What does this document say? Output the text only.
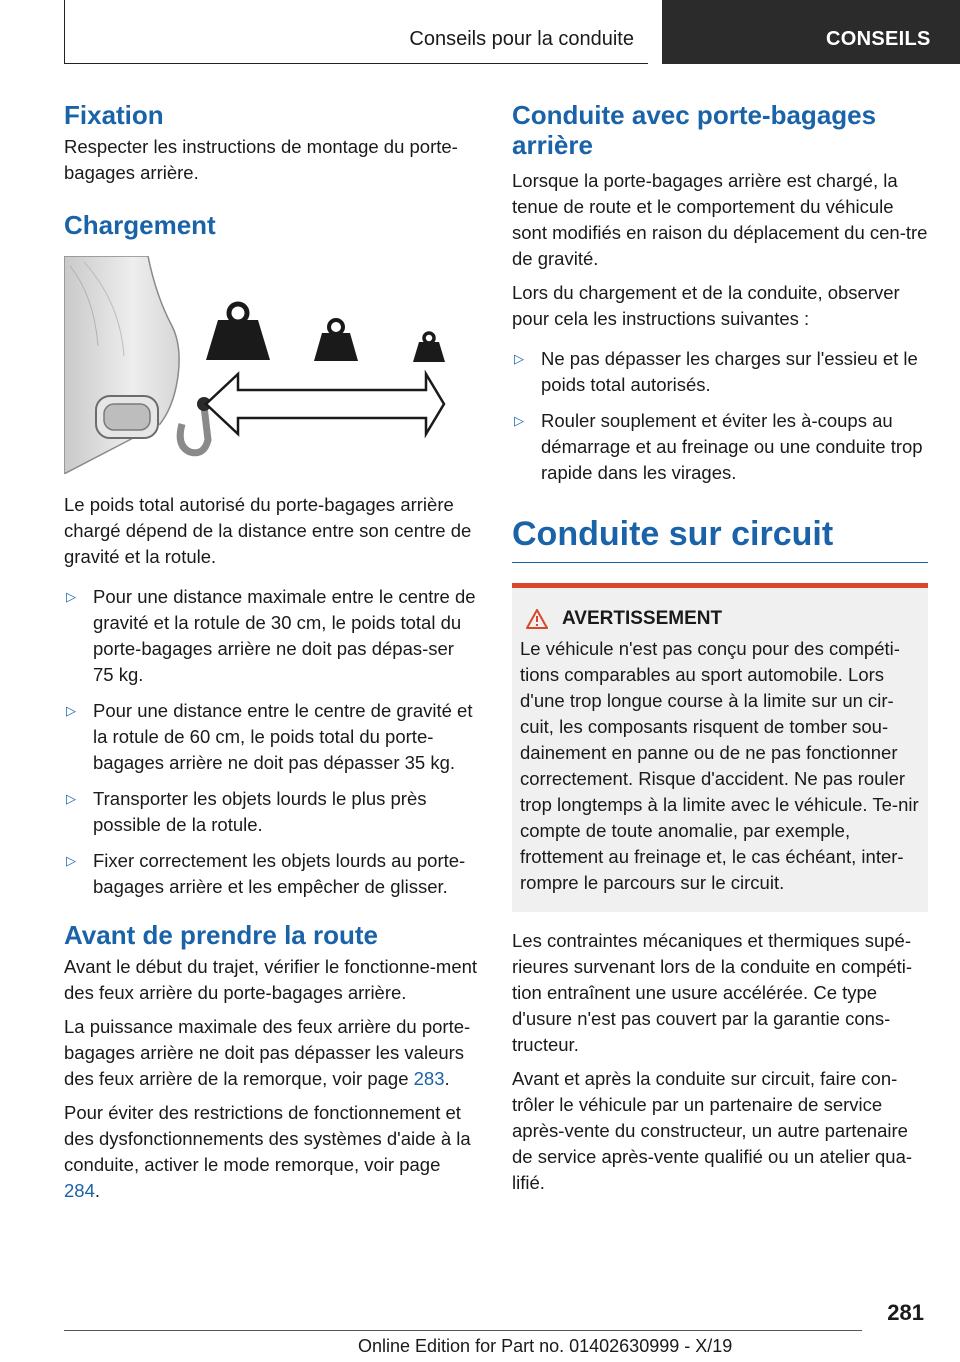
Conseils pour la conduite	CONSEILS
Fixation

Respecter les instructions de montage du porte-bagages arrière.

Chargement

Le poids total autorisé du porte-bagages arrière chargé dépend de la distance entre son centre de gravité et la rotule.

▷ Pour une distance maximale entre le centre de gravité et la rotule de 30 cm, le poids total du porte-bagages arrière ne doit pas dépas-ser 75 kg.
▷ Pour une distance entre le centre de gravité et la rotule de 60 cm, le poids total du porte-bagages arrière ne doit pas dépasser 35 kg.
▷ Transporter les objets lourds le plus près possible de la rotule.
▷ Fixer correctement les objets lourds au porte-bagages arrière et les empêcher de glisser.
Avant de prendre la route

Avant le début du trajet, vérifier le fonctionne-ment des feux arrière du porte-bagages arrière.

La puissance maximale des feux arrière du porte-bagages arrière ne doit pas dépasser les valeurs des feux arrière de la remorque, voir page 283.

Pour éviter des restrictions de fonctionnement et des dysfonctionnements des systèmes d'aide à la conduite, activer le mode remorque, voir page 284.

Conduite avec porte-bagages arrière

Lorsque la porte-bagages arrière est chargé, la tenue de route et le comportement du véhicule sont modifiés en raison du déplacement du cen-tre de gravité.

Lors du chargement et de la conduite, observer pour cela les instructions suivantes :

▷ Ne pas dépasser les charges sur l'essieu et le poids total autorisés.
▷ Rouler souplement et éviter les à-coups au démarrage et au freinage ou une conduite trop rapide dans les virages.
Conduite sur circuit
AVERTISSEMENT

Le véhicule n'est pas conçu pour des compéti-tions comparables au sport automobile. Lors d'une trop longue course à la limite sur un cir-cuit, les composants risquent de tomber sou-dainement en panne ou de ne pas fonctionner correctement. Risque d'accident. Ne pas rouler trop longtemps à la limite avec le véhicule. Te-nir compte de toute anomalie, par exemple, frottement au freinage et, le cas échéant, inter-rompre le parcours sur le circuit.

Les contraintes mécaniques et thermiques supé-rieures survenant lors de la conduite en compéti-tion entraînent une usure accélérée. Ce type d'usure n'est pas couvert par la garantie cons-tructeur.

Avant et après la conduite sur circuit, faire con-trôler le véhicule par un partenaire de service après-vente du constructeur, un autre partenaire de service après-vente qualifié ou un atelier qua-lifié.

281
Online Edition for Part no. 01402630999 - X/19
